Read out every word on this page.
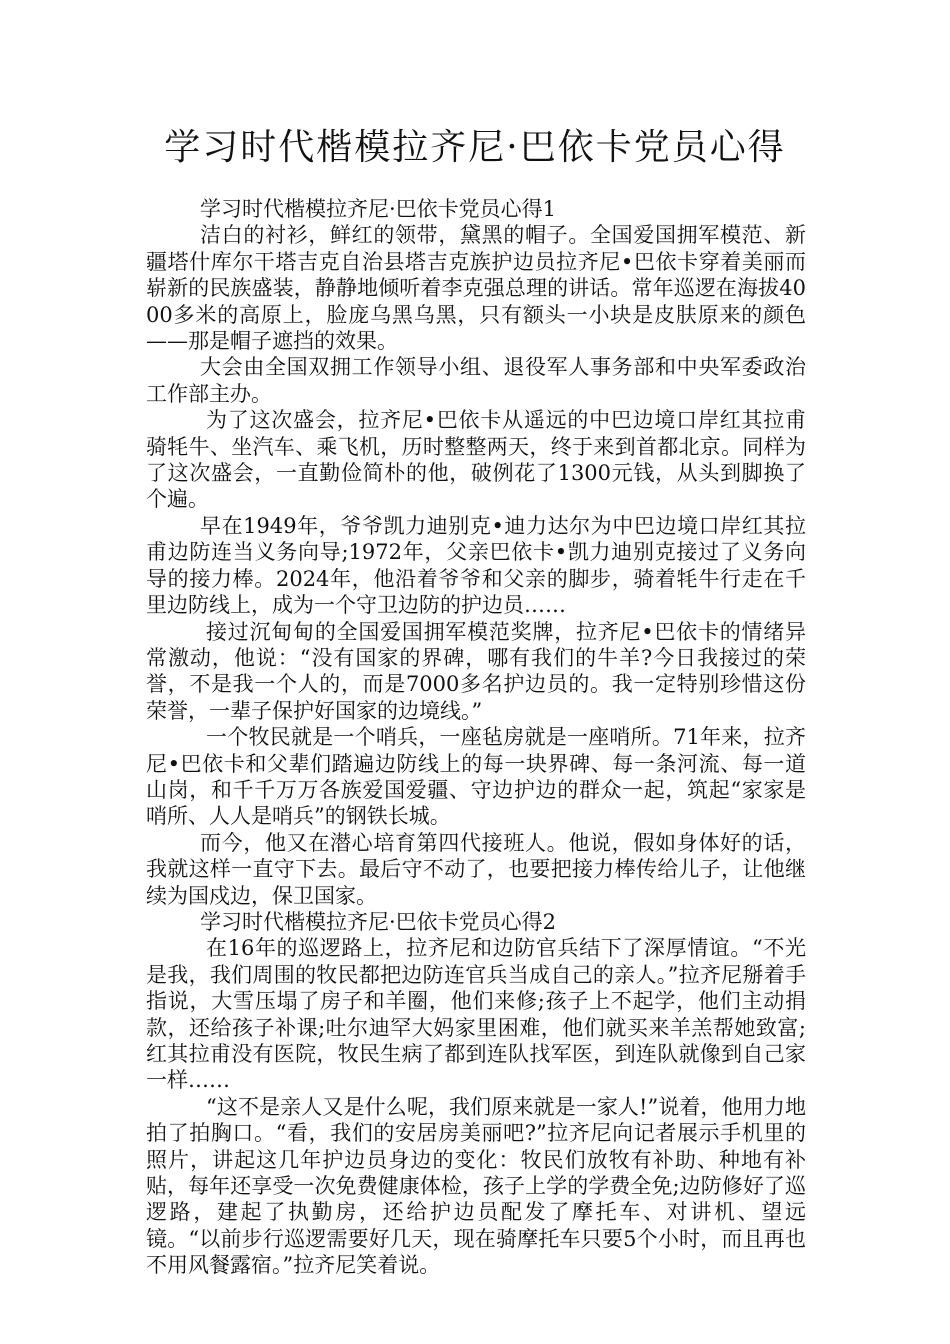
学习时代楷模拉齐尼·巴依卡党员心得

学习时代楷模拉齐尼·巴依卡党员心得1

洁白的衬衫，鲜红的领带，黛黑的帽子。全国爱国拥军模范、新疆塔什库尔干塔吉克自治县塔吉克族护边员拉齐尼•巴依卡穿着美丽而崭新的民族盛装，静静地倾听着李克强总理的讲话。常年巡逻在海拔4000多米的高原上，脸庞乌黑乌黑，只有额头一小块是皮肤原来的颜色——那是帽子遮挡的效果。

大会由全国双拥工作领导小组、退役军人事务部和中央军委政治工作部主办。

为了这次盛会，拉齐尼•巴依卡从遥远的中巴边境口岸红其拉甫骑牦牛、坐汽车、乘飞机，历时整整两天，终于来到首都北京。同样为了这次盛会，一直勤俭简朴的他，破例花了1300元钱，从头到脚换了个遍。

早在1949年，爷爷凯力迪别克•迪力达尔为中巴边境口岸红其拉甫边防连当义务向导;1972年，父亲巴依卡•凯力迪别克接过了义务向导的接力棒。2024年，他沿着爷爷和父亲的脚步，骑着牦牛行走在千里边防线上，成为一个守卫边防的护边员……

接过沉甸甸的全国爱国拥军模范奖牌，拉齐尼•巴依卡的情绪异常激动，他说：“没有国家的界碑，哪有我们的牛羊?今日我接过的荣誉，不是我一个人的，而是7000多名护边员的。我一定特别珍惜这份荣誉，一辈子保护好国家的边境线。”

一个牧民就是一个哨兵，一座毡房就是一座哨所。71年来，拉齐尼•巴依卡和父辈们踏遍边防线上的每一块界碑、每一条河流、每一道山岗，和千千万万各族爱国爱疆、守边护边的群众一起，筑起“家家是哨所、人人是哨兵”的钢铁长城。

而今，他又在潜心培育第四代接班人。他说，假如身体好的话，我就这样一直守下去。最后守不动了，也要把接力棒传给儿子，让他继续为国戍边，保卫国家。

学习时代楷模拉齐尼·巴依卡党员心得2

在16年的巡逻路上，拉齐尼和边防官兵结下了深厚情谊。“不光是我，我们周围的牧民都把边防连官兵当成自己的亲人。”拉齐尼掰着手指说，大雪压塌了房子和羊圈，他们来修;孩子上不起学，他们主动捐款，还给孩子补课;吐尔迪罕大妈家里困难，他们就买来羊羔帮她致富;红其拉甫没有医院，牧民生病了都到连队找军医，到连队就像到自己家一样……

“这不是亲人又是什么呢，我们原来就是一家人!”说着，他用力地拍了拍胸口。“看，我们的安居房美丽吧?”拉齐尼向记者展示手机里的照片，讲起这几年护边员身边的变化：牧民们放牧有补助、种地有补贴，每年还享受一次免费健康体检，孩子上学的学费全免;边防修好了巡逻路，建起了执勤房，还给护边员配发了摩托车、对讲机、望远镜。“以前步行巡逻需要好几天，现在骑摩托车只要5个小时，而且再也不用风餐露宿。”拉齐尼笑着说。
